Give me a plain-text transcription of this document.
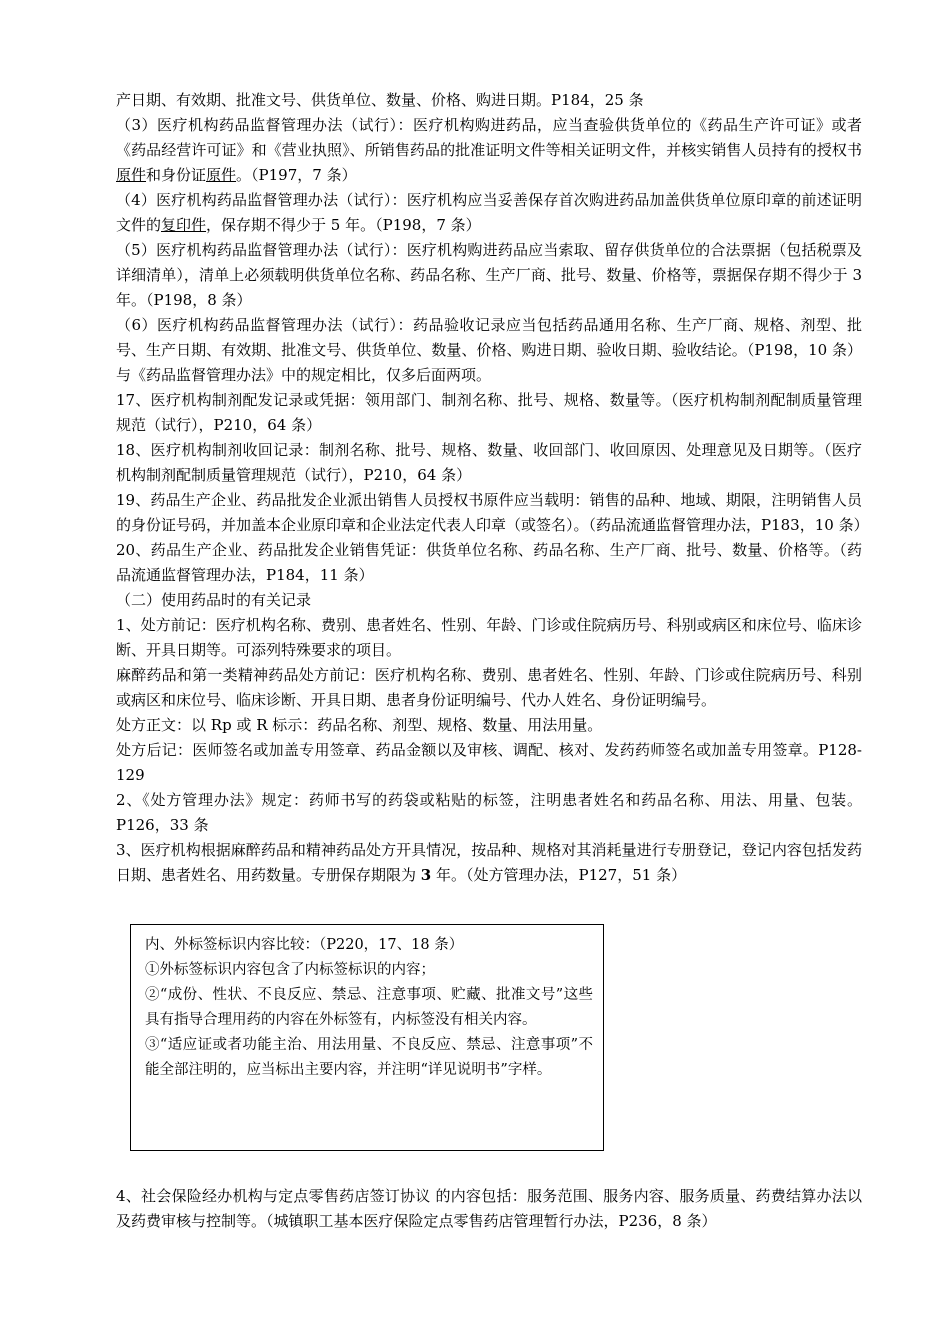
产日期、有效期、批准文号、供货单位、数量、价格、购进日期。P184，25 条

（3）医疗机构药品监督管理办法（试行）：医疗机构购进药品，应当查验供货单位的《药品生产许可证》或者《药品经营许可证》和《营业执照》、所销售药品的批准证明文件等相关证明文件，并核实销售人员持有的授权书原件和身份证原件。（P197，7 条）

（4）医疗机构药品监督管理办法（试行）：医疗机构应当妥善保存首次购进药品加盖供货单位原印章的前述证明文件的复印件，保存期不得少于 5 年。（P198，7 条）

（5）医疗机构药品监督管理办法（试行）：医疗机构购进药品应当索取、留存供货单位的合法票据（包括税票及详细清单），清单上必须载明供货单位名称、药品名称、生产厂商、批号、数量、价格等，票据保存期不得少于 3 年。（P198，8 条）

（6）医疗机构药品监督管理办法（试行）：药品验收记录应当包括药品通用名称、生产厂商、规格、剂型、批号、生产日期、有效期、批准文号、供货单位、数量、价格、购进日期、验收日期、验收结论。（P198，10 条）与《药品监督管理办法》中的规定相比，仅多后面两项。

17、医疗机构制剂配发记录或凭据：领用部门、制剂名称、批号、规格、数量等。（医疗机构制剂配制质量管理规范（试行），P210，64 条）

18、医疗机构制剂收回记录：制剂名称、批号、规格、数量、收回部门、收回原因、处理意见及日期等。（医疗机构制剂配制质量管理规范（试行），P210，64 条）

19、药品生产企业、药品批发企业派出销售人员授权书原件应当载明：销售的品种、地域、期限，注明销售人员的身份证号码，并加盖本企业原印章和企业法定代表人印章（或签名）。（药品流通监督管理办法，P183，10 条）

20、药品生产企业、药品批发企业销售凭证：供货单位名称、药品名称、生产厂商、批号、数量、价格等。（药品流通监督管理办法，P184，11 条）

（二）使用药品时的有关记录

1、处方前记：医疗机构名称、费别、患者姓名、性别、年龄、门诊或住院病历号、科别或病区和床位号、临床诊断、开具日期等。可添列特殊要求的项目。

麻醉药品和第一类精神药品处方前记：医疗机构名称、费别、患者姓名、性别、年龄、门诊或住院病历号、科别或病区和床位号、临床诊断、开具日期、患者身份证明编号、代办人姓名、身份证明编号。

处方正文：以 Rp 或 R 标示：药品名称、剂型、规格、数量、用法用量。

处方后记：医师签名或加盖专用签章、药品金额以及审核、调配、核对、发药药师签名或加盖专用签章。P128-129

2、《处方管理办法》规定：药师书写的药袋或粘贴的标签，注明患者姓名和药品名称、用法、用量、包装。P126，33 条

3、医疗机构根据麻醉药品和精神药品处方开具情况，按品种、规格对其消耗量进行专册登记，登记内容包括发药日期、患者姓名、用药数量。专册保存期限为 3 年。（处方管理办法，P127，51 条）

内、外标签标识内容比较：（P220，17、18 条）

①外标签标识内容包含了内标签标识的内容；

②“成份、性状、不良反应、禁忌、注意事项、贮藏、批准文号”这些具有指导合理用药的内容在外标签有，内标签没有相关内容。

③“适应证或者功能主治、用法用量、不良反应、禁忌、注意事项”不能全部注明的，应当标出主要内容，并注明“详见说明书”字样。

4、社会保险经办机构与定点零售药店签订协议 的内容包括：服务范围、服务内容、服务质量、药费结算办法以及药费审核与控制等。（城镇职工基本医疗保险定点零售药店管理暂行办法，P236，8 条）
